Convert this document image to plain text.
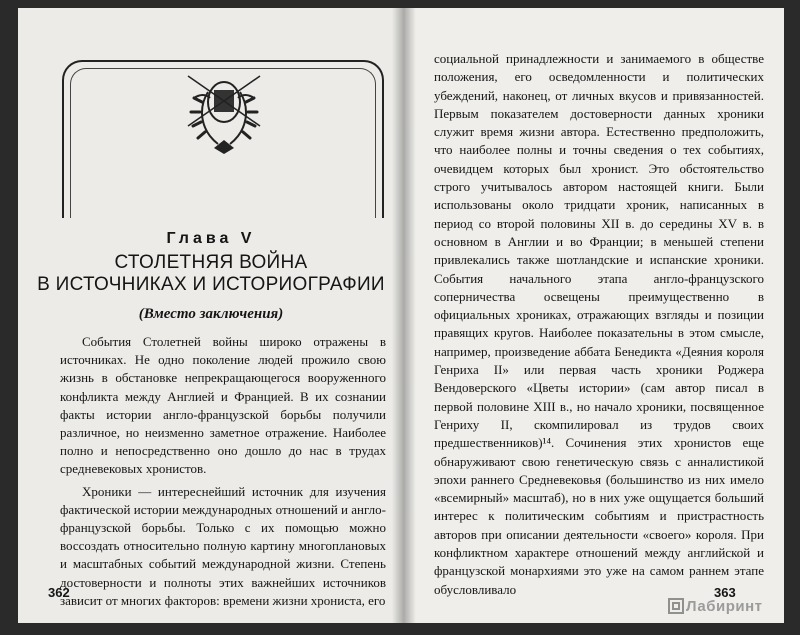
Глава V
СТОЛЕТНЯЯ ВОЙНА
В ИСТОЧНИКАХ И ИСТОРИОГРАФИИ
(Вместо заключения)

События Столетней войны широко отражены в источниках. Не одно поколение людей прожило свою жизнь в обстановке непрекращающегося вооруженного конфликта между Англией и Францией. В их сознании факты истории англо-французской борьбы получили различное, но неизменно заметное отражение. Наиболее полно и непосредственно оно дошло до нас в трудах средневековых хронистов.

Хроники — интереснейший источник для изучения фактической истории международных отношений и англо-французской борьбы. Только с их помощью можно воссоздать относительно полную картину многоплановых и масштабных событий международной жизни. Степень достоверности и полноты этих важнейших источников зависит от многих факторов: времени жизни хрониста, его

362

социальной принадлежности и занимаемого в обществе положения, его осведомленности и политических убеждений, наконец, от личных вкусов и привязанностей. Первым показателем достоверности данных хроники служит время жизни автора. Естественно предположить, что наиболее полны и точны сведения о тех событиях, очевидцем которых был хронист. Это обстоятельство строго учитывалось автором настоящей книги. Были использованы около тридцати хроник, написанных в период со второй половины XII в. до середины XV в. в основном в Англии и во Франции; в меньшей степени привлекались также шотландские и испанские хроники. События начального этапа англо-французского соперничества освещены преимущественно в официальных хрониках, отражающих взгляды и позиции правящих кругов. Наиболее показательны в этом смысле, например, произведение аббата Бенедикта «Деяния короля Генриха II» или первая часть хроники Роджера Вендоверского «Цветы истории» (сам автор писал в первой половине XIII в., но начало хроники, посвященное Генриху II, скомпилировал из трудов своих предшественников)¹⁴. Сочинения этих хронистов еще обнаруживают свою генетическую связь с анналистикой эпохи раннего Средневековья (большинство из них имело «всемирный» масштаб), но в них уже ощущается больший интерес к политическим событиям и пристрастность авторов при описании деятельности «своего» короля. При конфликтном характере отношений между английской и французской монархиями это уже на самом раннем этапе обусловливало	363
Лабиринт
